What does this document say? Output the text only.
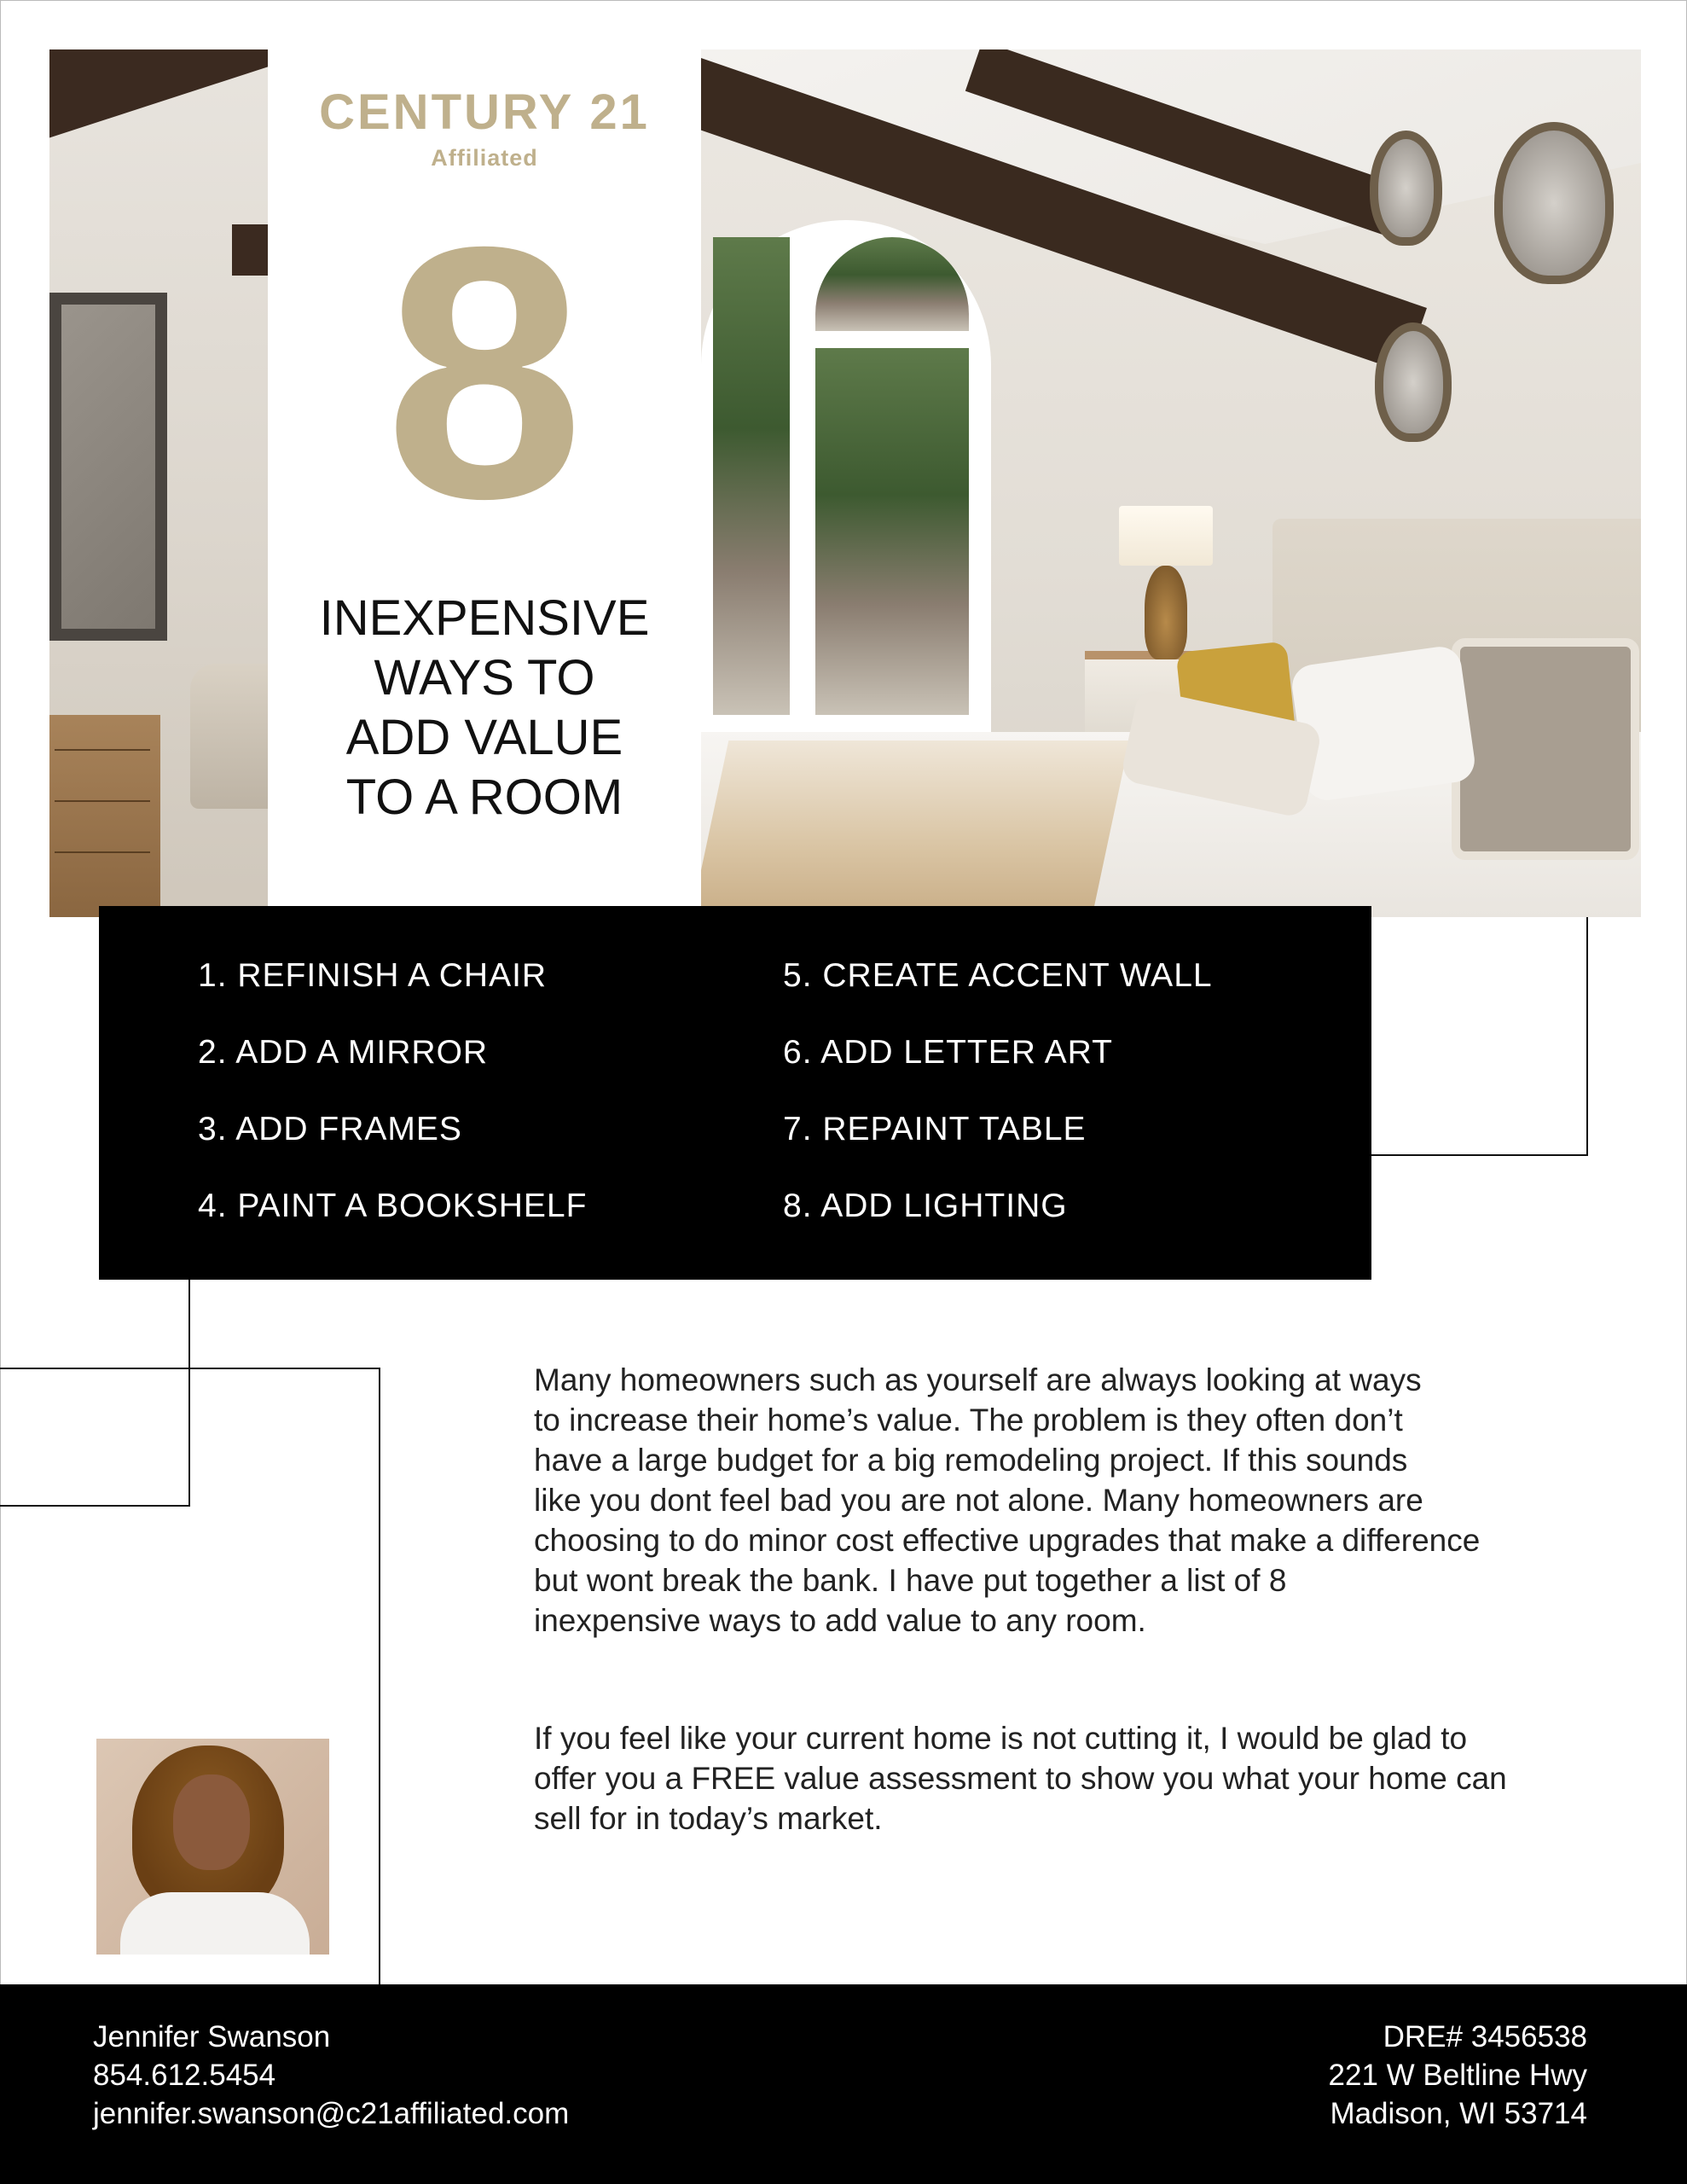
CENTURY 21
Affiliated
8
INEXPENSIVE
WAYS TO
ADD VALUE
TO A ROOM
1. REFINISH A CHAIR
2. ADD A MIRROR
3. ADD FRAMES
4. PAINT A BOOKSHELF
5. CREATE ACCENT WALL
6. ADD LETTER ART
7. REPAINT TABLE
8. ADD LIGHTING
Many homeowners such as yourself are always looking at ways
to increase their home’s value. The problem is they often don’t
have a large budget for a big remodeling project. If this sounds
like you dont feel bad you are not alone. Many homeowners are
choosing to do minor cost effective upgrades that make a difference
but wont break the bank. I have put together a list of 8
inexpensive ways to add value to any room.
If you feel like your current home is not cutting it, I would be glad to
offer you a FREE value assessment to show you what your home can
sell for in today’s market.
Jennifer Swanson
854.612.5454
jennifer.swanson@c21affiliated.com
DRE# 3456538
221 W Beltline Hwy
Madison, WI 53714
